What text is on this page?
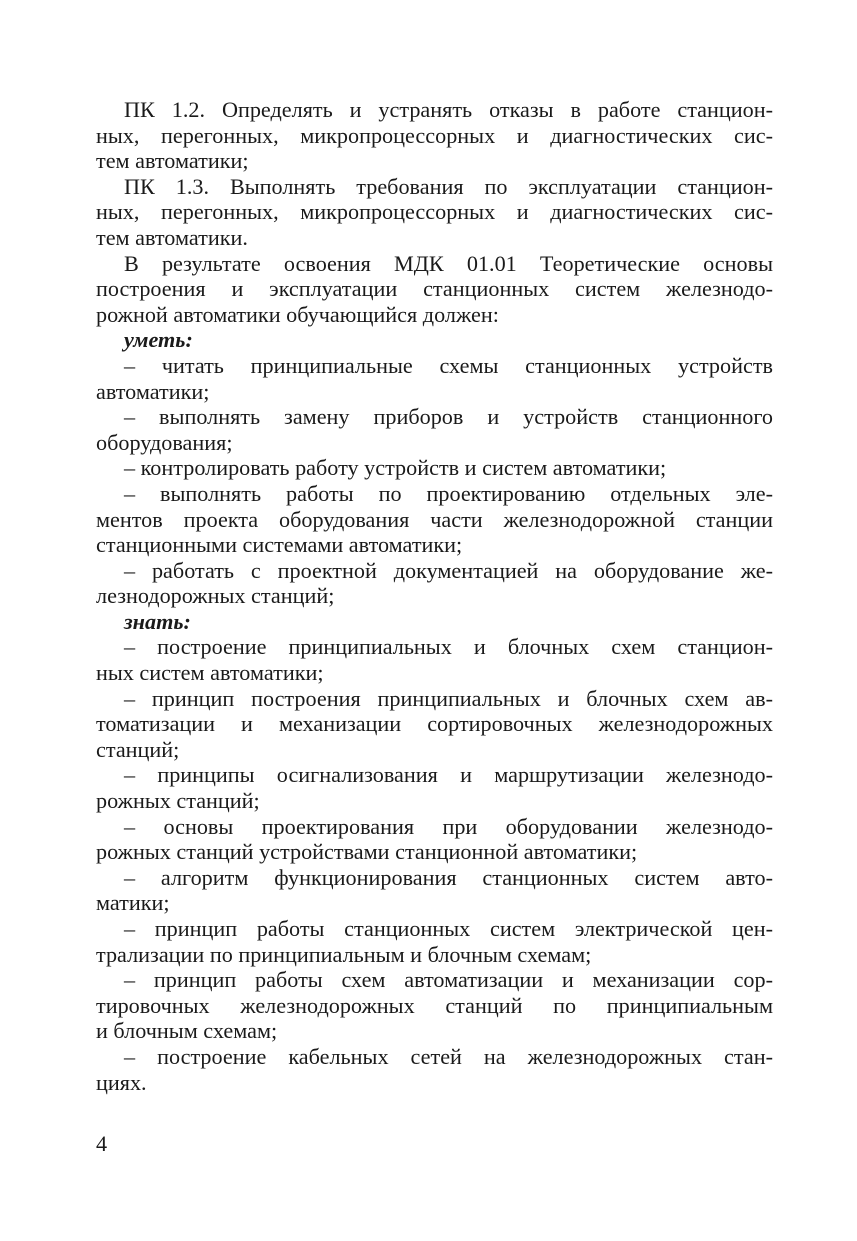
ПК 1.2. Определять и устранять отказы в работе станцион-
ных, перегонных, микропроцессорных и диагностических сис-
тем автоматики;
ПК 1.3. Выполнять требования по эксплуатации станцион-
ных, перегонных, микропроцессорных и диагностических сис-
тем автоматики.
В результате освоения МДК 01.01 Теоретические основы
построения и эксплуатации станционных систем железнодо-
рожной автоматики обучающийся должен:
уметь:
– читать принципиальные схемы станционных устройств
автоматики;
– выполнять замену приборов и устройств станционного
оборудования;
– контролировать работу устройств и систем автоматики;
– выполнять работы по проектированию отдельных эле-
ментов проекта оборудования части железнодорожной станции
станционными системами автоматики;
– работать с проектной документацией на оборудование же-
лезнодорожных станций;
знать:
– построение принципиальных и блочных схем станцион-
ных систем автоматики;
– принцип построения принципиальных и блочных схем ав-
томатизации и механизации сортировочных железнодорожных
станций;
– принципы осигнализования и маршрутизации железнодо-
рожных станций;
– основы проектирования при оборудовании железнодо-
рожных станций устройствами станционной автоматики;
– алгоритм функционирования станционных систем авто-
матики;
– принцип работы станционных систем электрической цен-
трализации по принципиальным и блочным схемам;
– принцип работы схем автоматизации и механизации сор-
тировочных железнодорожных станций по принципиальным
и блочным схемам;
– построение кабельных сетей на железнодорожных стан-
циях.
4
